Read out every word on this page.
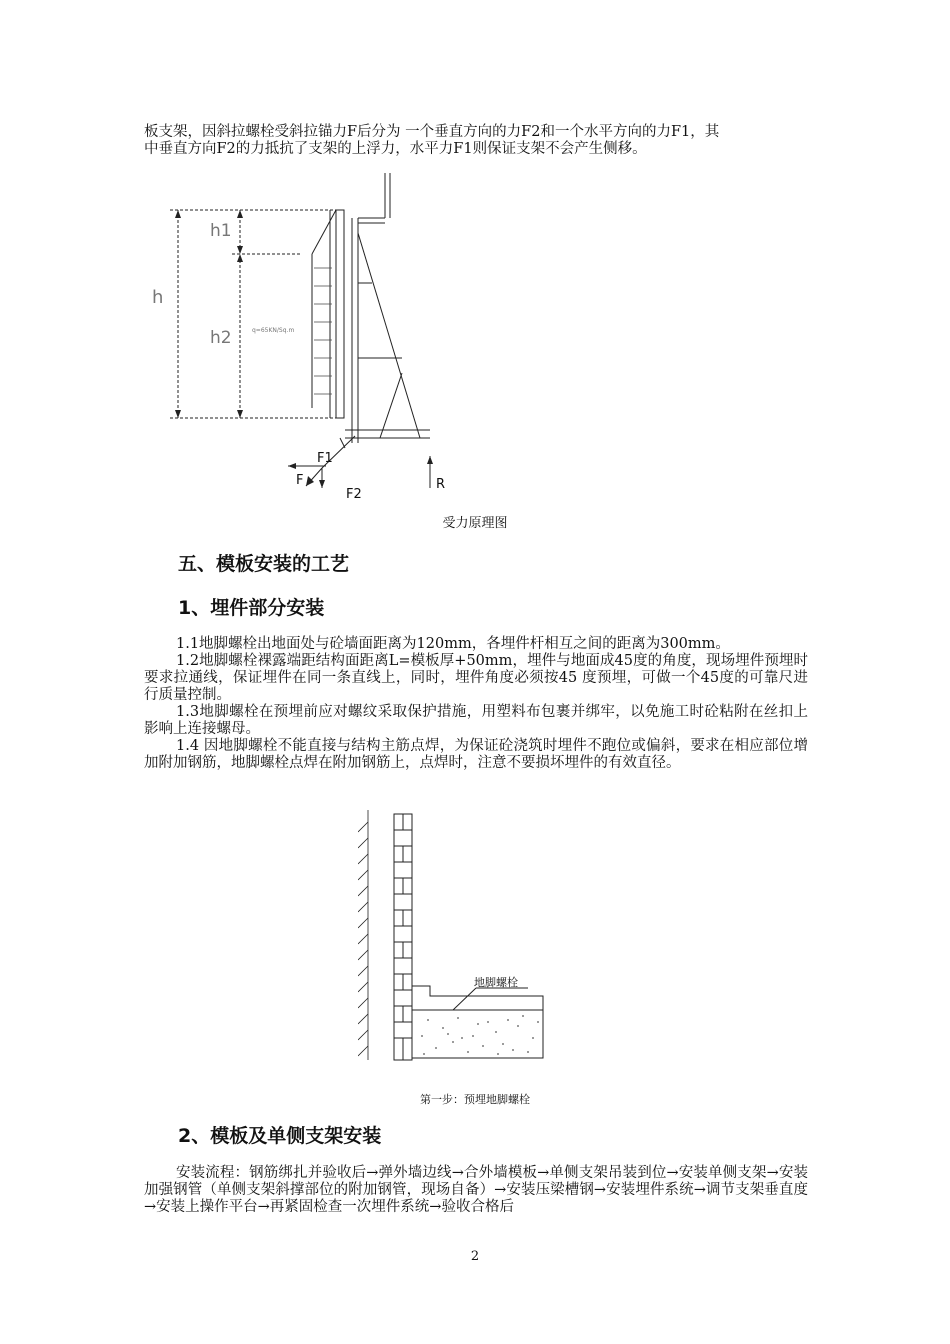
板支架，因斜拉螺栓受斜拉锚力F后分为 一个垂直方向的力F2和一个水平方向的力F1，其
中垂直方向F2的力抵抗了支架的上浮力，水平力F1则保证支架不会产生侧移。

h
h1
h2	q=65KN/Sq.m
F1
F
F2
R

受力原理图

五、模板安装的工艺
1、埋件部分安装

1.1地脚螺栓出地面处与砼墙面距离为120mm，各埋件杆相互之间的距离为300mm。

1.2地脚螺栓裸露端距结构面距离L=模板厚+50mm，埋件与地面成45度的角度，现场埋件预埋时要求拉通线，保证埋件在同一条直线上，同时，埋件角度必须按45 度预埋，可做一个45度的可靠尺进行质量控制。

1.3地脚螺栓在预埋前应对螺纹采取保护措施，用塑料布包裹并绑牢，以免施工时砼粘附在丝扣上影响上连接螺母。

1.4 因地脚螺栓不能直接与结构主筋点焊，为保证砼浇筑时埋件不跑位或偏斜，要求在相应部位增加附加钢筋，地脚螺栓点焊在附加钢筋上，点焊时，注意不要损坏埋件的有效直径。

地脚螺栓

第一步：预埋地脚螺栓

2、模板及单侧支架安装

安装流程：钢筋绑扎并验收后→弹外墙边线→合外墙模板→单侧支架吊装到位→安装单侧支架→安装加强钢管（单侧支架斜撑部位的附加钢管，现场自备）→安装压梁槽钢→安装埋件系统→调节支架垂直度→安装上操作平台→再紧固检查一次埋件系统→验收合格后

2
